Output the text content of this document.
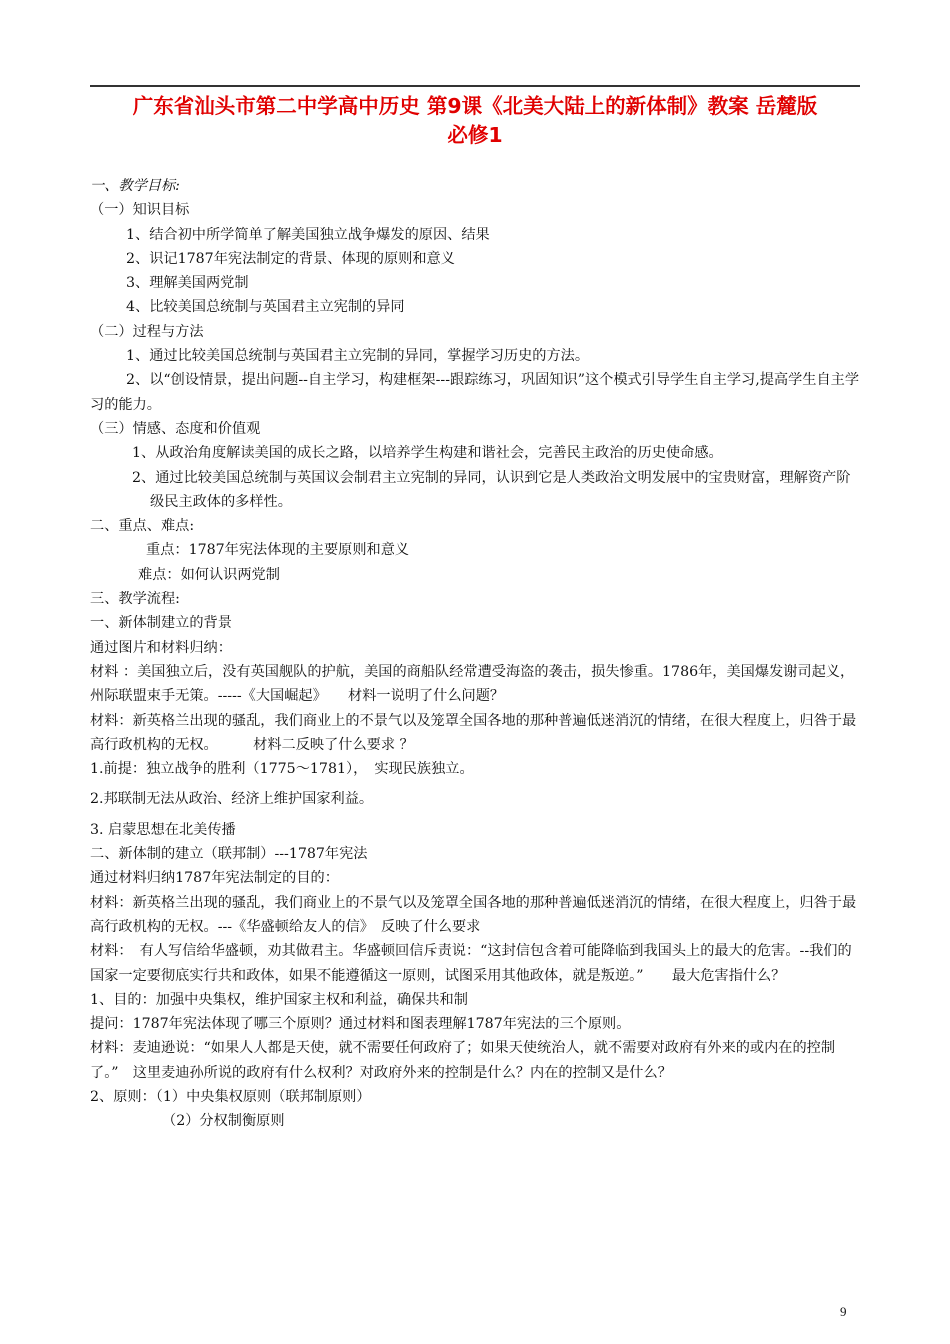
广东省汕头市第二中学高中历史 第9课《北美大陆上的新体制》教案 岳麓版
必修1

一、教学目标:

（一）知识目标

1、结合初中所学简单了解美国独立战争爆发的原因、结果

2、识记1787年宪法制定的背景、体现的原则和意义

3、理解美国两党制

4、比较美国总统制与英国君主立宪制的异同

（二）过程与方法

1、通过比较美国总统制与英国君主立宪制的异同，掌握学习历史的方法。

2、以“创设情景，提出问题--自主学习，构建框架---跟踪练习，巩固知识”这个模式引导学生自主学习,提高学生自主学习的能力。

（三）情感、态度和价值观

1、从政治角度解读美国的成长之路，以培养学生构建和谐社会，完善民主政治的历史使命感。

2、通过比较美国总统制与英国议会制君主立宪制的异同，认识到它是人类政治文明发展中的宝贵财富，理解资产阶级民主政体的多样性。

二、重点、难点:

重点：1787年宪法体现的主要原则和意义

难点：如何认识两党制

三、教学流程:

一、新体制建立的背景

通过图片和材料归纳：

材料 ：美国独立后，没有英国舰队的护航，美国的商船队经常遭受海盗的袭击，损失惨重。1786年，美国爆发谢司起义，州际联盟束手无策。-----《大国崛起》　　材料一说明了什么问题？

材料：新英格兰出现的骚乱，我们商业上的不景气以及笼罩全国各地的那种普遍低迷消沉的情绪，在很大程度上，归咎于最高行政机构的无权。　　　材料二反映了什么要求 ？

1.前提：独立战争的胜利（1775～1781），　实现民族独立。

2.邦联制无法从政治、经济上维护国家利益。

3. 启蒙思想在北美传播

二、新体制的建立（联邦制）---1787年宪法

通过材料归纳1787年宪法制定的目的：

材料：新英格兰出现的骚乱，我们商业上的不景气以及笼罩全国各地的那种普遍低迷消沉的情绪，在很大程度上，归咎于最高行政机构的无权。---《华盛顿给友人的信》　反映了什么要求

材料：　有人写信给华盛顿，劝其做君主。华盛顿回信斥责说：“这封信包含着可能降临到我国头上的最大的危害。--我们的国家一定要彻底实行共和政体，如果不能遵循这一原则，试图采用其他政体，就是叛逆。”　　最大危害指什么？

1、目的：加强中央集权，维护国家主权和利益，确保共和制

提问：1787年宪法体现了哪三个原则？通过材料和图表理解1787年宪法的三个原则。

材料：麦迪逊说：“如果人人都是天使，就不需要任何政府了；如果天使统治人，就不需要对政府有外来的或内在的控制了。”　这里麦迪孙所说的政府有什么权利？对政府外来的控制是什么？内在的控制又是什么？

2、原则：（1）中央集权原则（联邦制原则）

（2）分权制衡原则

9
